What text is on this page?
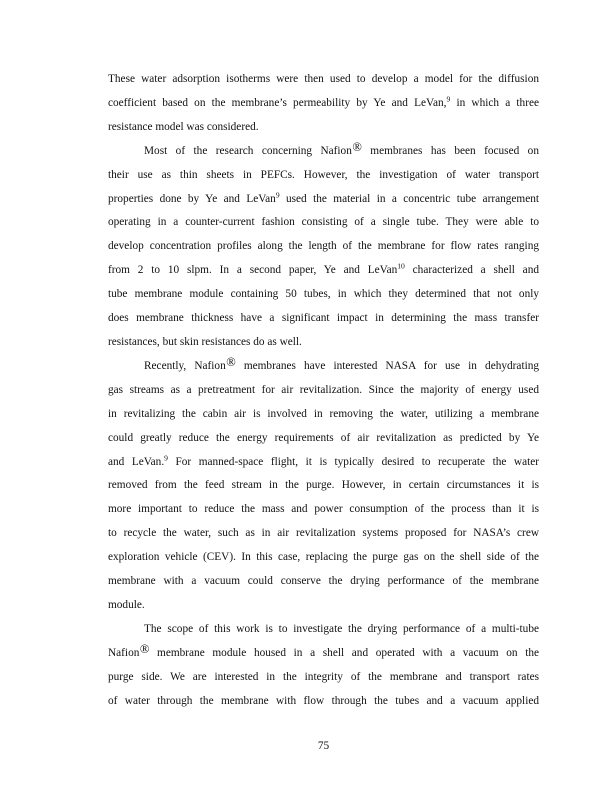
These water adsorption isotherms were then used to develop a model for the diffusion
coefficient based on the membrane’s permeability by Ye and LeVan,$^9$ in which a three
resistance model was considered.
Most of the research concerning Nafion® membranes has been focused on
their use as thin sheets in PEFCs. However, the investigation of water transport
properties done by Ye and LeVan$^9$ used the material in a concentric tube arrangement
operating in a counter-current fashion consisting of a single tube. They were able to
develop concentration profiles along the length of the membrane for flow rates ranging
from 2 to 10 slpm. In a second paper, Ye and LeVan$^{10}$ characterized a shell and
tube membrane module containing 50 tubes, in which they determined that not only
does membrane thickness have a significant impact in determining the mass transfer
resistances, but skin resistances do as well.
Recently, Nafion® membranes have interested NASA for use in dehydrating
gas streams as a pretreatment for air revitalization. Since the majority of energy used
in revitalizing the cabin air is involved in removing the water, utilizing a membrane
could greatly reduce the energy requirements of air revitalization as predicted by Ye
and LeVan.$^9$ For manned-space flight, it is typically desired to recuperate the water
removed from the feed stream in the purge. However, in certain circumstances it is
more important to reduce the mass and power consumption of the process than it is
to recycle the water, such as in air revitalization systems proposed for NASA’s crew
exploration vehicle (CEV). In this case, replacing the purge gas on the shell side of the
membrane with a vacuum could conserve the drying performance of the membrane
module.
The scope of this work is to investigate the drying performance of a multi-tube
Nafion® membrane module housed in a shell and operated with a vacuum on the
purge side. We are interested in the integrity of the membrane and transport rates
of water through the membrane with flow through the tubes and a vacuum applied
75
